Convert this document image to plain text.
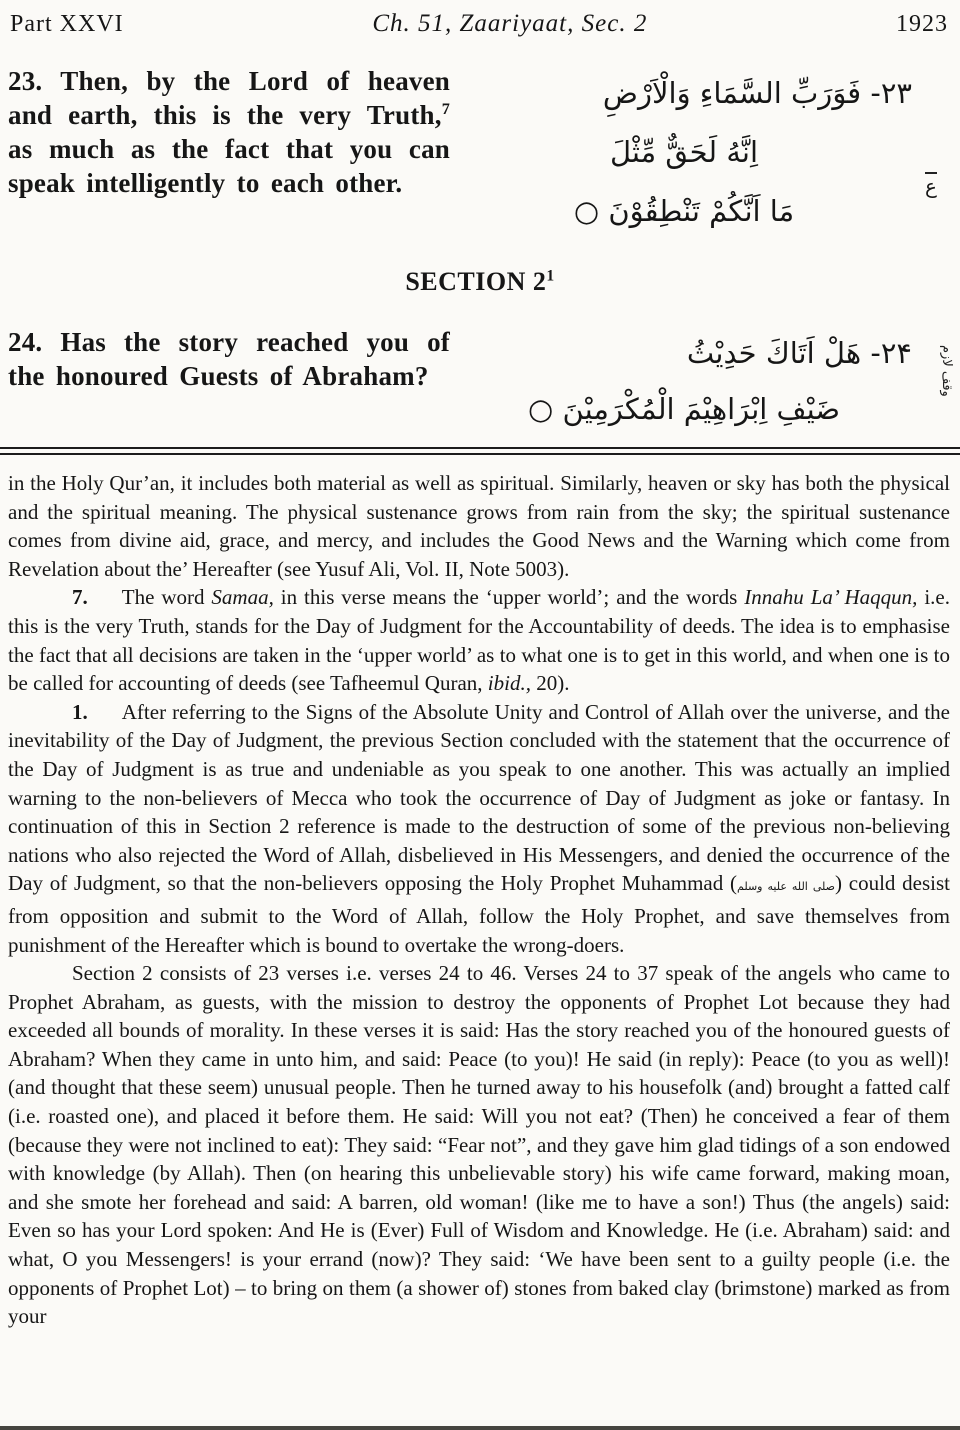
Part XXVI	Ch. 51, Zaariyaat, Sec. 2	1923
23. Then, by the Lord of heaven and earth, this is the very Truth,$^7$ as much as the fact that you can speak intelligently to each other.
۲۳- فَوَرَبِّ السَّمَاءِ وَالْاَرْضِ
اِنَّهُ لَحَقٌّ مِّثْلَ
مَا اَنَّكُمْ تَنْطِقُوْنَ ○
SECTION $2^1$
24. Has the story reached you of the honoured Guests of Abraham?
۲۴- هَلْ اَتَاكَ حَدِيْثُ
ضَيْفِ اِبْرَاهِيْمَ الْمُكْرَمِيْنَ ○
ع
وقف لازم

in the Holy Qur’an, it includes both material as well as spiritual. Similarly, heaven or sky has both the physical and the spiritual meaning. The physical sustenance grows from rain from the sky; the spiritual sustenance comes from divine aid, grace, and mercy, and includes the Good News and the Warning which come from Revelation about the’ Hereafter (see Yusuf Ali, Vol. II, Note 5003).

7. The word Samaa, in this verse means the ‘upper world’; and the words Innahu La’ Haqqun, i.e. this is the very Truth, stands for the Day of Judgment for the Accountability of deeds. The idea is to emphasise the fact that all decisions are taken in the ‘upper world’ as to what one is to get in this world, and when one is to be called for accounting of deeds (see Tafheemul Quran, ibid., 20).

1. After referring to the Signs of the Absolute Unity and Control of Allah over the universe, and the inevitability of the Day of Judgment, the previous Section concluded with the statement that the occurrence of the Day of Judgment is as true and undeniable as you speak to one another. This was actually an implied warning to the non-believers of Mecca who took the occurrence of Day of Judgment as joke or fantasy. In continuation of this in Section 2 reference is made to the destruction of some of the previous non-believing nations who also rejected the Word of Allah, disbelieved in His Messengers, and denied the occurrence of the Day of Judgment, so that the non-believers opposing the Holy Prophet Muhammad (صلى الله عليه وسلم) could desist from opposition and submit to the Word of Allah, follow the Holy Prophet, and save themselves from punishment of the Hereafter which is bound to overtake the wrong-doers.

Section 2 consists of 23 verses i.e. verses 24 to 46. Verses 24 to 37 speak of the angels who came to Prophet Abraham, as guests, with the mission to destroy the opponents of Prophet Lot because they had exceeded all bounds of morality. In these verses it is said: Has the story reached you of the honoured guests of Abraham? When they came in unto him, and said: Peace (to you)! He said (in reply): Peace (to you as well)! (and thought that these seem) unusual people. Then he turned away to his housefolk (and) brought a fatted calf (i.e. roasted one), and placed it before them. He said: Will you not eat? (Then) he conceived a fear of them (because they were not inclined to eat): They said: “Fear not”, and they gave him glad tidings of a son endowed with knowledge (by Allah). Then (on hearing this unbelievable story) his wife came forward, making moan, and she smote her forehead and said: A barren, old woman! (like me to have a son!) Thus (the angels) said: Even so has your Lord spoken: And He is (Ever) Full of Wisdom and Knowledge. He (i.e. Abraham) said: and what, O you Messengers! is your errand (now)? They said: ‘We have been sent to a guilty people (i.e. the opponents of Prophet Lot) – to bring on them (a shower of) stones from baked clay (brimstone) marked as from your
